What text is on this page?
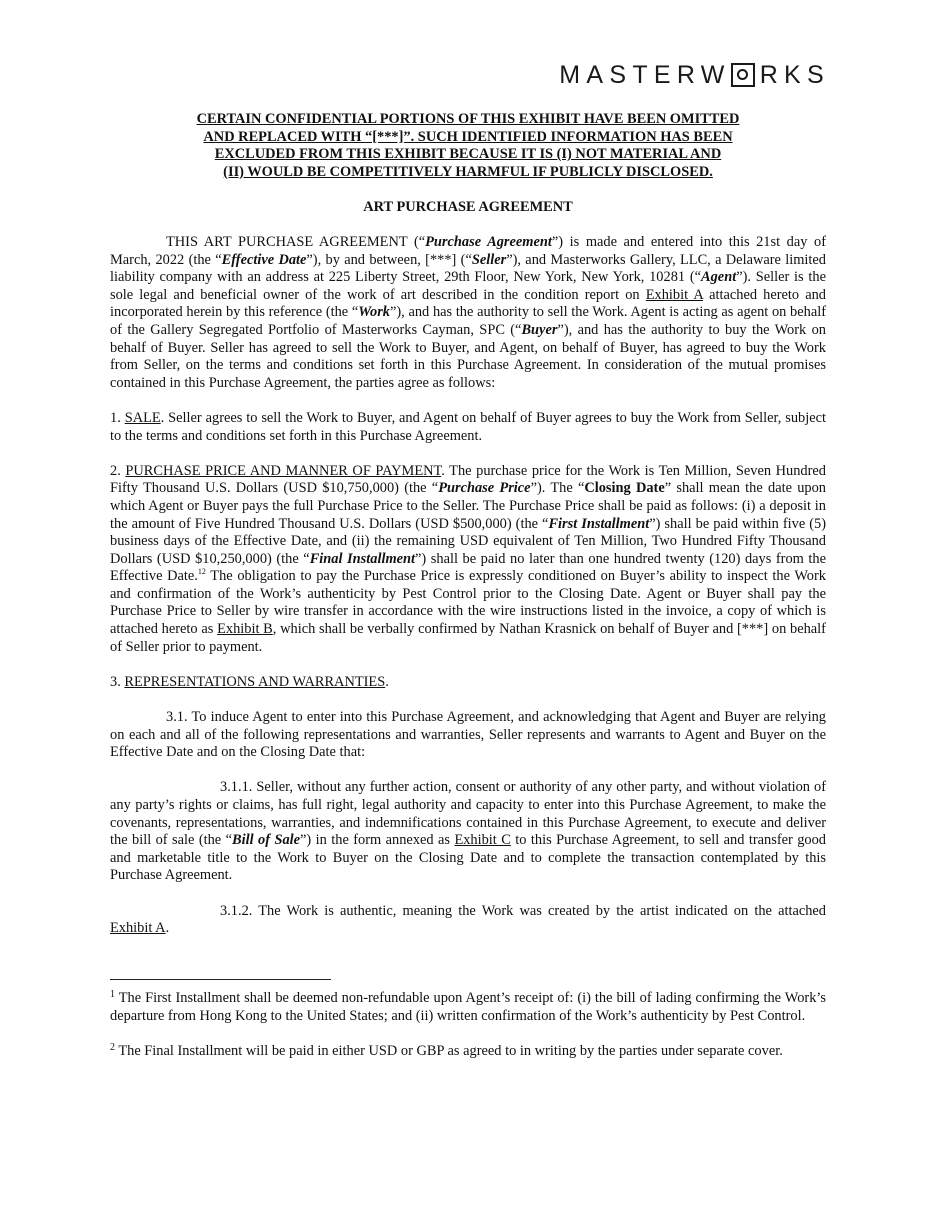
MASTERW RKS
CERTAIN CONFIDENTIAL PORTIONS OF THIS EXHIBIT HAVE BEEN OMITTED
AND REPLACED WITH “[***]”. SUCH IDENTIFIED INFORMATION HAS BEEN
EXCLUDED FROM THIS EXHIBIT BECAUSE IT IS (I) NOT MATERIAL AND
(II) WOULD BE COMPETITIVELY HARMFUL IF PUBLICLY DISCLOSED.
ART PURCHASE AGREEMENT

THIS ART PURCHASE AGREEMENT (“Purchase Agreement”) is made and entered into this 21st day of March, 2022 (the “Effective Date”), by and between, [***] (“Seller”), and Masterworks Gallery, LLC, a Delaware limited liability company with an address at 225 Liberty Street, 29th Floor, New York, New York, 10281 (“Agent”). Seller is the sole legal and beneficial owner of the work of art described in the condition report on Exhibit A attached hereto and incorporated herein by this reference (the “Work”), and has the authority to sell the Work. Agent is acting as agent on behalf of the Gallery Segregated Portfolio of Masterworks Cayman, SPC (“Buyer”), and has the authority to buy the Work on behalf of Buyer. Seller has agreed to sell the Work to Buyer, and Agent, on behalf of Buyer, has agreed to buy the Work from Seller, on the terms and conditions set forth in this Purchase Agreement. In consideration of the mutual promises contained in this Purchase Agreement, the parties agree as follows:

1. SALE. Seller agrees to sell the Work to Buyer, and Agent on behalf of Buyer agrees to buy the Work from Seller, subject to the terms and conditions set forth in this Purchase Agreement.

2. PURCHASE PRICE AND MANNER OF PAYMENT. The purchase price for the Work is Ten Million, Seven Hundred Fifty Thousand U.S. Dollars (USD $10,750,000) (the “Purchase Price”). The “Closing Date” shall mean the date upon which Agent or Buyer pays the full Purchase Price to the Seller. The Purchase Price shall be paid as follows: (i) a deposit in the amount of Five Hundred Thousand U.S. Dollars (USD $500,000) (the “First Installment”) shall be paid within five (5) business days of the Effective Date, and (ii) the remaining USD equivalent of Ten Million, Two Hundred Fifty Thousand Dollars (USD $10,250,000) (the “Final Installment”) shall be paid no later than one hundred twenty (120) days from the Effective Date.$^{12}$ The obligation to pay the Purchase Price is expressly conditioned on Buyer’s ability to inspect the Work and confirmation of the Work’s authenticity by Pest Control prior to the Closing Date. Agent or Buyer shall pay the Purchase Price to Seller by wire transfer in accordance with the wire instructions listed in the invoice, a copy of which is attached hereto as Exhibit B, which shall be verbally confirmed by Nathan Krasnick on behalf of Buyer and [***] on behalf of Seller prior to payment.

3. REPRESENTATIONS AND WARRANTIES.

3.1. To induce Agent to enter into this Purchase Agreement, and acknowledging that Agent and Buyer are relying on each and all of the following representations and warranties, Seller represents and warrants to Agent and Buyer on the Effective Date and on the Closing Date that:

3.1.1. Seller, without any further action, consent or authority of any other party, and without violation of any party’s rights or claims, has full right, legal authority and capacity to enter into this Purchase Agreement, to make the covenants, representations, warranties, and indemnifications contained in this Purchase Agreement, to execute and deliver the bill of sale (the “Bill of Sale”) in the form annexed as Exhibit C to this Purchase Agreement, to sell and transfer good and marketable title to the Work to Buyer on the Closing Date and to complete the transaction contemplated by this Purchase Agreement.

3.1.2. The Work is authentic, meaning the Work was created by the artist indicated on the attached Exhibit A.

$^1$ The First Installment shall be deemed non-refundable upon Agent’s receipt of: (i) the bill of lading confirming the Work’s departure from Hong Kong to the United States; and (ii) written confirmation of the Work’s authenticity by Pest Control.

$^2$ The Final Installment will be paid in either USD or GBP as agreed to in writing by the parties under separate cover.
